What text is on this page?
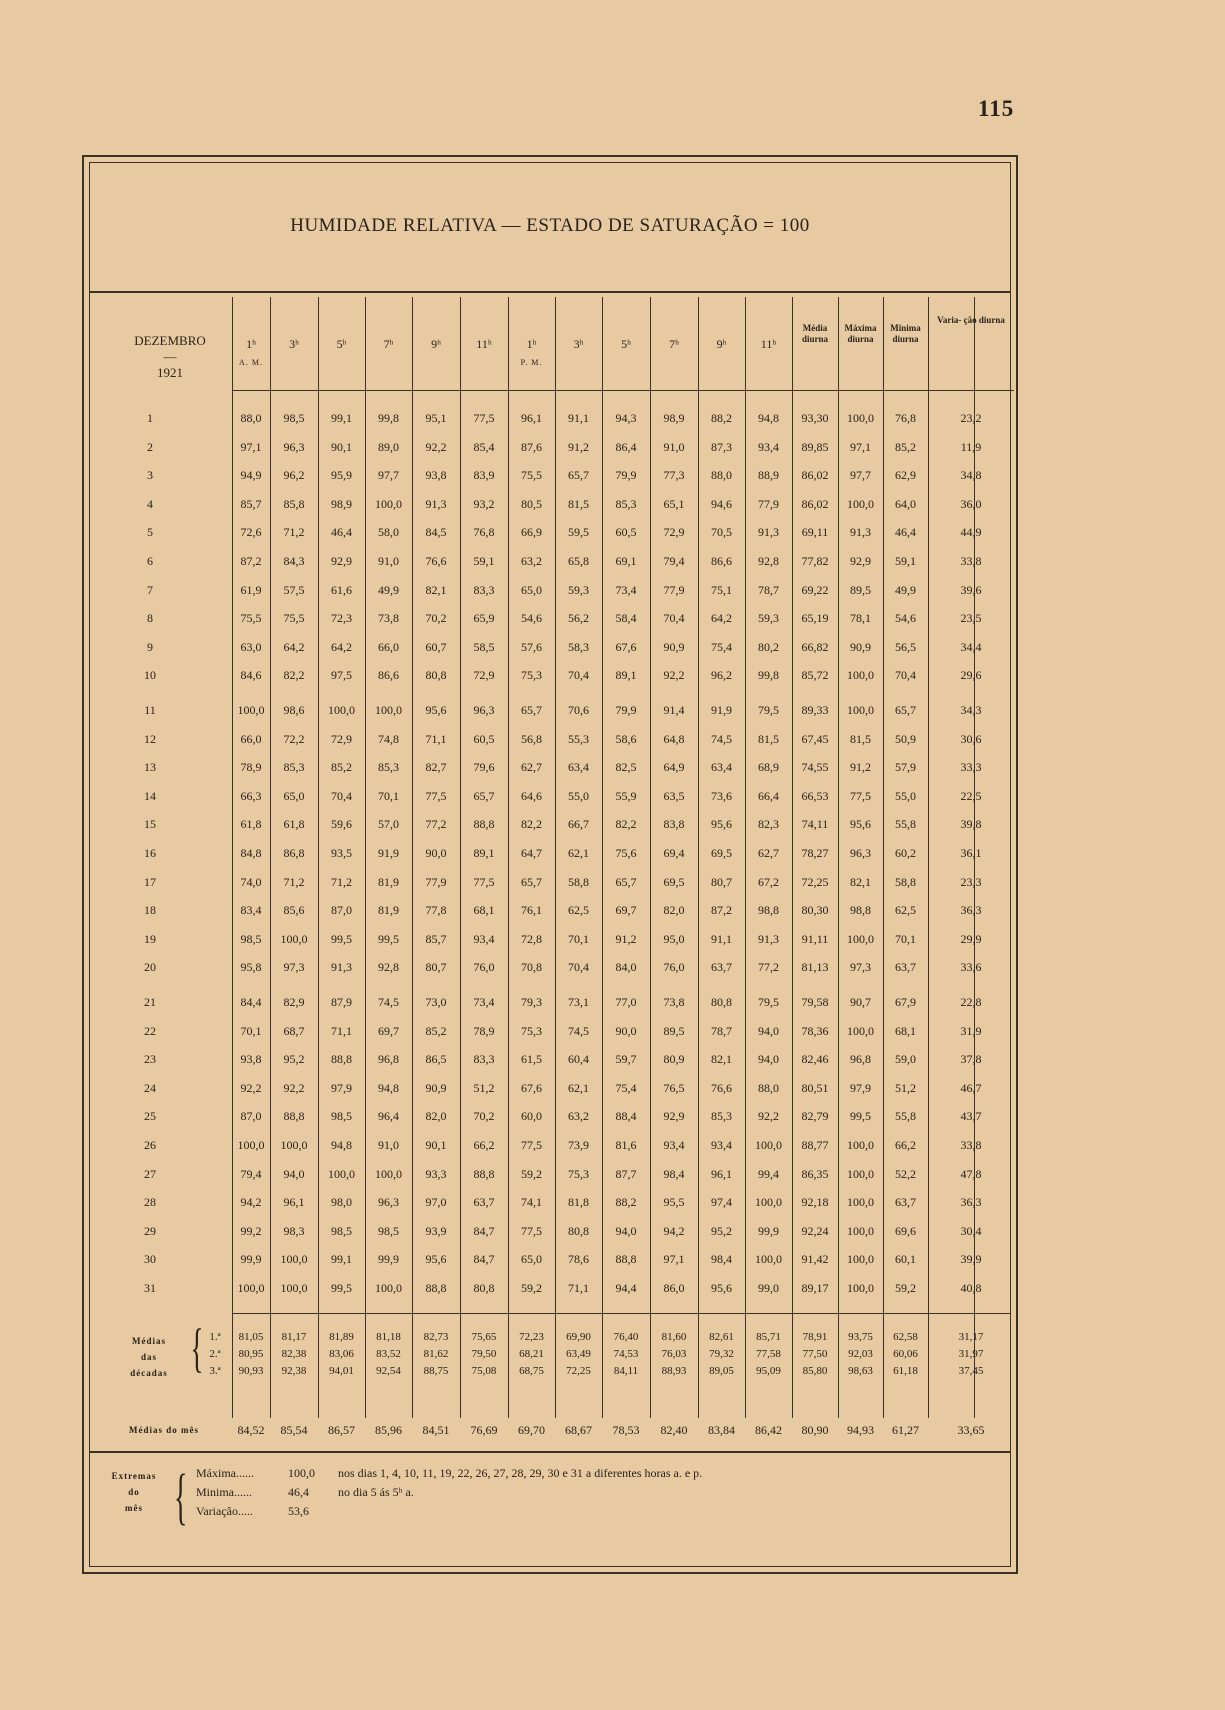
115
HUMIDADE RELATIVA — ESTADO DE SATURAÇÃO = 100
DEZEMBRO
—
1921
1ʰ
A. M.
3ʰ	5ʰ	7ʰ	9ʰ	11ʰ	1ʰ
P. M.
3ʰ	5ʰ	7ʰ	9ʰ	11ʰ
Média diurna
Máxima diurna
Minima diurna
Varia- ção diurna
1	88,0	98,5	99,1	99,8	95,1	77,5	96,1	91,1	94,3	98,9	88,2	94,8	93,30	100,0	76,8	23,2
2	97,1	96,3	90,1	89,0	92,2	85,4	87,6	91,2	86,4	91,0	87,3	93,4	89,85	97,1	85,2	11,9
3	94,9	96,2	95,9	97,7	93,8	83,9	75,5	65,7	79,9	77,3	88,0	88,9	86,02	97,7	62,9	34,8
4	85,7	85,8	98,9	100,0	91,3	93,2	80,5	81,5	85,3	65,1	94,6	77,9	86,02	100,0	64,0	36,0
5	72,6	71,2	46,4	58,0	84,5	76,8	66,9	59,5	60,5	72,9	70,5	91,3	69,11	91,3	46,4	44,9
6	87,2	84,3	92,9	91,0	76,6	59,1	63,2	65,8	69,1	79,4	86,6	92,8	77,82	92,9	59,1	33,8
7	61,9	57,5	61,6	49,9	82,1	83,3	65,0	59,3	73,4	77,9	75,1	78,7	69,22	89,5	49,9	39,6
8	75,5	75,5	72,3	73,8	70,2	65,9	54,6	56,2	58,4	70,4	64,2	59,3	65,19	78,1	54,6	23,5
9	63,0	64,2	64,2	66,0	60,7	58,5	57,6	58,3	67,6	90,9	75,4	80,2	66,82	90,9	56,5	34,4
10	84,6	82,2	97,5	86,6	80,8	72,9	75,3	70,4	89,1	92,2	96,2	99,8	85,72	100,0	70,4	29,6
11	100,0	98,6	100,0	100,0	95,6	96,3	65,7	70,6	79,9	91,4	91,9	79,5	89,33	100,0	65,7	34,3
12	66,0	72,2	72,9	74,8	71,1	60,5	56,8	55,3	58,6	64,8	74,5	81,5	67,45	81,5	50,9	30,6
13	78,9	85,3	85,2	85,3	82,7	79,6	62,7	63,4	82,5	64,9	63,4	68,9	74,55	91,2	57,9	33,3
14	66,3	65,0	70,4	70,1	77,5	65,7	64,6	55,0	55,9	63,5	73,6	66,4	66,53	77,5	55,0	22,5
15	61,8	61,8	59,6	57,0	77,2	88,8	82,2	66,7	82,2	83,8	95,6	82,3	74,11	95,6	55,8	39,8
16	84,8	86,8	93,5	91,9	90,0	89,1	64,7	62,1	75,6	69,4	69,5	62,7	78,27	96,3	60,2	36,1
17	74,0	71,2	71,2	81,9	77,9	77,5	65,7	58,8	65,7	69,5	80,7	67,2	72,25	82,1	58,8	23,3
18	83,4	85,6	87,0	81,9	77,8	68,1	76,1	62,5	69,7	82,0	87,2	98,8	80,30	98,8	62,5	36,3
19	98,5	100,0	99,5	99,5	85,7	93,4	72,8	70,1	91,2	95,0	91,1	91,3	91,11	100,0	70,1	29,9
20	95,8	97,3	91,3	92,8	80,7	76,0	70,8	70,4	84,0	76,0	63,7	77,2	81,13	97,3	63,7	33,6
21	84,4	82,9	87,9	74,5	73,0	73,4	79,3	73,1	77,0	73,8	80,8	79,5	79,58	90,7	67,9	22,8
22	70,1	68,7	71,1	69,7	85,2	78,9	75,3	74,5	90,0	89,5	78,7	94,0	78,36	100,0	68,1	31,9
23	93,8	95,2	88,8	96,8	86,5	83,3	61,5	60,4	59,7	80,9	82,1	94,0	82,46	96,8	59,0	37,8
24	92,2	92,2	97,9	94,8	90,9	51,2	67,6	62,1	75,4	76,5	76,6	88,0	80,51	97,9	51,2	46,7
25	87,0	88,8	98,5	96,4	82,0	70,2	60,0	63,2	88,4	92,9	85,3	92,2	82,79	99,5	55,8	43,7
26	100,0	100,0	94,8	91,0	90,1	66,2	77,5	73,9	81,6	93,4	93,4	100,0	88,77	100,0	66,2	33,8
27	79,4	94,0	100,0	100,0	93,3	88,8	59,2	75,3	87,7	98,4	96,1	99,4	86,35	100,0	52,2	47,8
28	94,2	96,1	98,0	96,3	97,0	63,7	74,1	81,8	88,2	95,5	97,4	100,0	92,18	100,0	63,7	36,3
29	99,2	98,3	98,5	98,5	93,9	84,7	77,5	80,8	94,0	94,2	95,2	99,9	92,24	100,0	69,6	30,4
30	99,9	100,0	99,1	99,9	95,6	84,7	65,0	78,6	88,8	97,1	98,4	100,0	91,42	100,0	60,1	39,9
31	100,0	100,0	99,5	100,0	88,8	80,8	59,2	71,1	94,4	86,0	95,6	99,0	89,17	100,0	59,2	40,8
Médias
das
décadas { 1.ª	81,05	81,17	81,89	81,18	82,73	75,65	72,23	69,90	76,40	81,60	82,61	85,71	78,91	93,75	62,58	31,17
2.ª	80,95	82,38	83,06	83,52	81,62	79,50	68,21	63,49	74,53	76,03	79,32	77,58	77,50	92,03	60,06	31,97
3.ª	90,93	92,38	94,01	92,54	88,75	75,08	68,75	72,25	84,11	88,93	89,05	95,09	85,80	98,63	61,18	37,45
Médias do mês	84,52	85,54	86,57	85,96	84,51	76,69	69,70	68,67	78,53	82,40	83,84	86,42	80,90	94,93	61,27	33,65
Extremas
do
mês { Máxima......	100,0 nos dias 1, 4, 10, 11, 19, 22, 26, 27, 28, 29, 30 e 31 a diferentes horas a. e p.
Minima......	46,4 no dia 5 ás 5ʰ a.
Variação.....	53,6
